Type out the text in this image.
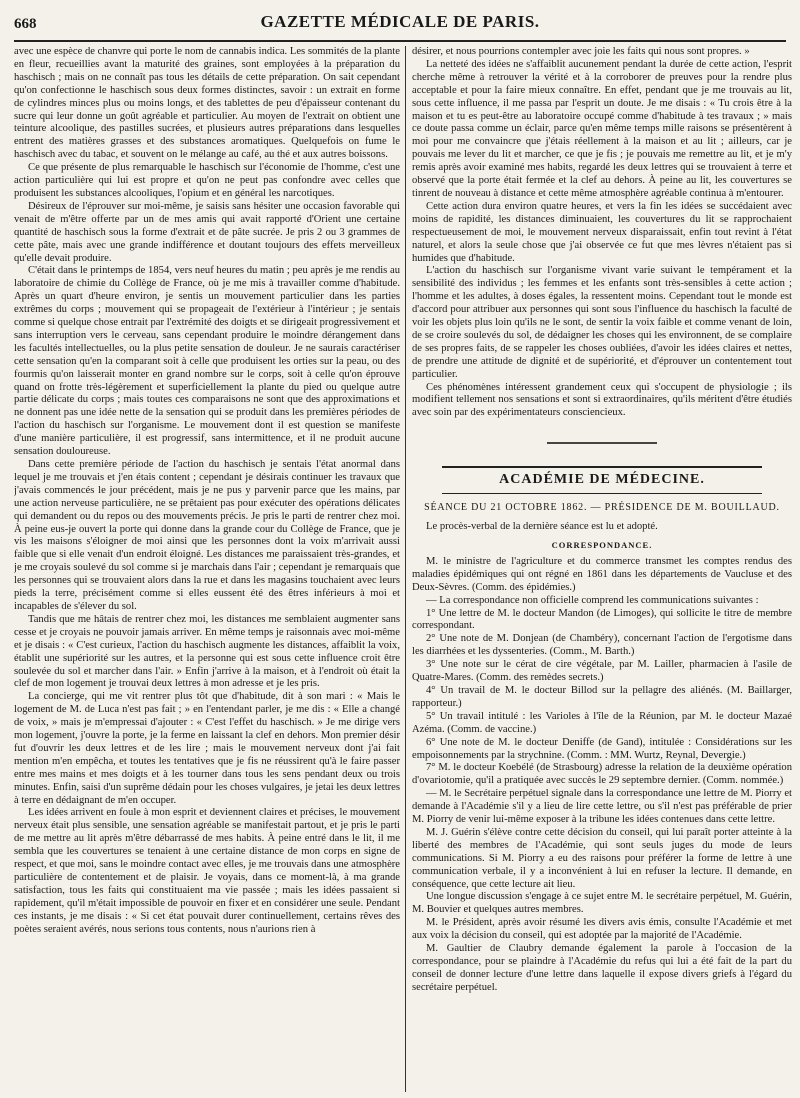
668	GAZETTE MÉDICALE DE PARIS.

avec une espèce de chanvre qui porte le nom de cannabis indica. Les sommités de la plante en fleur, recueillies avant la maturité des graines, sont employées à la préparation du haschisch ; mais on ne connaît pas tous les détails de cette préparation. On sait cependant qu'on confectionne le haschisch sous deux formes distinctes, savoir : un extrait en forme de cylindres minces plus ou moins longs, et des tablettes de peu d'épaisseur contenant du sucre qui leur donne un goût agréable et particulier. Au moyen de l'extrait on obtient une teinture alcoolique, des pastilles sucrées, et plusieurs autres préparations dans lesquelles entrent des matières grasses et des substances aromatiques. Quelquefois on fume le haschisch avec du tabac, et souvent on le mélange au café, au thé et aux autres boissons.

Ce que présente de plus remarquable le haschisch sur l'économie de l'homme, c'est une action particulière qui lui est propre et qu'on ne peut pas confondre avec celles que produisent les substances alcooliques, l'opium et en général les narcotiques.

Désireux de l'éprouver sur moi-même, je saisis sans hésiter une occasion favorable qui venait de m'être offerte par un de mes amis qui avait rapporté d'Orient une certaine quantité de haschisch sous la forme d'extrait et de pâte sucrée. Je pris 2 ou 3 grammes de cette pâte, mais avec une grande indifférence et doutant toujours des effets merveilleux qu'elle devait produire.

C'était dans le printemps de 1854, vers neuf heures du matin ; peu après je me rendis au laboratoire de chimie du Collège de France, où je me mis à travailler comme d'habitude. Après un quart d'heure environ, je sentis un mouvement particulier dans les parties extrêmes du corps ; mouvement qui se propageait de l'extérieur à l'intérieur ; je sentais comme si quelque chose entrait par l'extrémité des doigts et se dirigeait progressivement et sans interruption vers le cerveau, sans cependant produire le moindre dérangement dans les facultés intellectuelles, ou la plus petite sensation de douleur. Je ne saurais caractériser cette sensation qu'en la comparant soit à celle que produisent les orties sur la peau, ou des fourmis qu'on laisserait monter en grand nombre sur le corps, soit à celle qu'on éprouve quand on frotte très-légèrement et superficiellement la plante du pied ou quelque autre partie délicate du corps ; mais toutes ces comparaisons ne sont que des approximations et ne donnent pas une idée nette de la sensation qui se produit dans les premières périodes de l'action du haschisch sur l'organisme. Le mouvement dont il est question se manifeste d'une manière particulière, il est progressif, sans intermittence, et il ne produit aucune sensation douloureuse.

Dans cette première période de l'action du haschisch je sentais l'état anormal dans lequel je me trouvais et j'en étais content ; cependant je désirais continuer les travaux que j'avais commencés le jour précédent, mais je ne pus y parvenir parce que les mains, par une action nerveuse particulière, ne se prêtaient pas pour exécuter des opérations délicates qui demandent ou du repos ou des mouvements précis. Je pris le parti de rentrer chez moi. À peine eus-je ouvert la porte qui donne dans la grande cour du Collège de France, que je vis les maisons s'éloigner de moi ainsi que les personnes dont la voix m'arrivait aussi faible que si elle venait d'un endroit éloigné. Les distances me paraissaient très-grandes, et je me croyais soulevé du sol comme si je marchais dans l'air ; cependant je remarquais que les personnes qui se trouvaient alors dans la rue et dans les magasins touchaient avec leurs pieds la terre, précisément comme si elles eussent été des êtres inférieurs à moi et incapables de s'élever du sol.

Tandis que me hâtais de rentrer chez moi, les distances me semblaient augmenter sans cesse et je croyais ne pouvoir jamais arriver. En même temps je raisonnais avec moi-même et je disais : « C'est curieux, l'action du haschisch augmente les distances, affaiblit la voix, établit une supériorité sur les autres, et la personne qui est sous cette influence croit être soulevée du sol et marcher dans l'air. » Enfin j'arrive à la maison, et à l'endroit où était la clef de mon logement je trouvai deux lettres à mon adresse et je les pris.

La concierge, qui me vit rentrer plus tôt que d'habitude, dit à son mari : « Mais le logement de M. de Luca n'est pas fait ; » en l'entendant parler, je me dis : « Elle a changé de voix, » mais je m'empressai d'ajouter : « C'est l'effet du haschisch. » Je me dirige vers mon logement, j'ouvre la porte, je la ferme en laissant la clef en dehors. Mon premier désir fut d'ouvrir les deux lettres et de les lire ; mais le mouvement nerveux dont j'ai fait mention m'en empêcha, et toutes les tentatives que je fis ne réussirent qu'à le faire passer entre mes mains et mes doigts et à les tourner dans tous les sens pendant deux ou trois minutes. Enfin, saisi d'un suprême dédain pour les choses vulgaires, je jetai les deux lettres à terre en dédaignant de m'en occuper.

Les idées arrivent en foule à mon esprit et deviennent claires et précises, le mouvement nerveux était plus sensible, une sensation agréable se manifestait partout, et je pris le parti de me mettre au lit après m'être débarrassé de mes habits. À peine entré dans le lit, il me sembla que les couvertures se tenaient à une certaine distance de mon corps en signe de respect, et que moi, sans le moindre contact avec elles, je me trouvais dans une atmosphère particulière de contentement et de plaisir. Je voyais, dans ce moment-là, à ma grande satisfaction, tous les faits qui constituaient ma vie passée ; mais les idées passaient si rapidement, qu'il m'était impossible de pouvoir en fixer et en considérer une seule. Pendant ces instants, je me disais : « Si cet état pouvait durer continuellement, certains rêves des poètes seraient avérés, nous serions tous contents, nous n'aurions rien à

désirer, et nous pourrions contempler avec joie les faits qui nous sont propres. »

La netteté des idées ne s'affaiblit aucunement pendant la durée de cette action, l'esprit cherche même à retrouver la vérité et à la corroborer de preuves pour la rendre plus acceptable et pour la faire mieux connaître. En effet, pendant que je me trouvais au lit, sous cette influence, il me passa par l'esprit un doute. Je me disais : « Tu crois être à la maison et tu es peut-être au laboratoire occupé comme d'habitude à tes travaux ; » mais ce doute passa comme un éclair, parce qu'en même temps mille raisons se présentèrent à moi pour me convaincre que j'étais réellement à la maison et au lit ; ailleurs, car je pouvais me lever du lit et marcher, ce que je fis ; je pouvais me remettre au lit, et je m'y remis après avoir examiné mes habits, regardé les deux lettres qui se trouvaient à terre et observé que la porte était fermée et la clef au dehors. À peine au lit, les couvertures se tinrent de nouveau à distance et cette même atmosphère agréable continua à m'entourer.

Cette action dura environ quatre heures, et vers la fin les idées se succédaient avec moins de rapidité, les distances diminuaient, les couvertures du lit se rapprochaient respectueusement de moi, le mouvement nerveux disparaissait, enfin tout revint à l'état naturel, et alors la seule chose que j'ai observée ce fut que mes lèvres n'étaient pas si humides que d'habitude.

L'action du haschisch sur l'organisme vivant varie suivant le tempérament et la sensibilité des individus ; les femmes et les enfants sont très-sensibles à cette action ; l'homme et les adultes, à doses égales, la ressentent moins. Cependant tout le monde est d'accord pour attribuer aux personnes qui sont sous l'influence du haschisch la faculté de voir les objets plus loin qu'ils ne le sont, de sentir la voix faible et comme venant de loin, de se croire soulevés du sol, de dédaigner les choses qui les environnent, de se complaire de ses propres faits, de se rappeler les choses oubliées, d'avoir les idées claires et nettes, de prendre une attitude de dignité et de supériorité, et d'éprouver un contentement tout particulier.

Ces phénomènes intéressent grandement ceux qui s'occupent de physiologie ; ils modifient tellement nos sensations et sont si extraordinaires, qu'ils méritent d'être étudiés avec soin par des expérimentateurs consciencieux.

ACADÉMIE DE MÉDECINE.
SÉANCE DU 21 OCTOBRE 1862. — PRÉSIDENCE DE M. BOUILLAUD.

Le procès-verbal de la dernière séance est lu et adopté.

CORRESPONDANCE.

M. le ministre de l'agriculture et du commerce transmet les comptes rendus des maladies épidémiques qui ont régné en 1861 dans les départements de Vaucluse et des Deux-Sèvres. (Comm. des épidémies.)

— La correspondance non officielle comprend les communications suivantes :

1° Une lettre de M. le docteur Mandon (de Limoges), qui sollicite le titre de membre correspondant.

2° Une note de M. Donjean (de Chambéry), concernant l'action de l'ergotisme dans les diarrhées et les dyssenteries. (Comm., M. Barth.)

3° Une note sur le cérat de cire végétale, par M. Lailler, pharmacien à l'asile de Quatre-Mares. (Comm. des remèdes secrets.)

4° Un travail de M. le docteur Billod sur la pellagre des aliénés. (M. Baillarger, rapporteur.)

5° Un travail intitulé : les Varioles à l'île de la Réunion, par M. le docteur Mazaé Azéma. (Comm. de vaccine.)

6° Une note de M. le docteur Deniffe (de Gand), intitulée : Considérations sur les empoisonnements par la strychnine. (Comm. : MM. Wurtz, Reynal, Devergie.)

7° M. le docteur Koebélé (de Strasbourg) adresse la relation de la deuxième opération d'ovariotomie, qu'il a pratiquée avec succès le 29 septembre dernier. (Comm. nommée.)

— M. le Secrétaire perpétuel signale dans la correspondance une lettre de M. Piorry et demande à l'Académie s'il y a lieu de lire cette lettre, ou s'il n'est pas préférable de prier M. Piorry de venir lui-même exposer à la tribune les idées contenues dans cette lettre.

M. J. Guérin s'élève contre cette décision du conseil, qui lui paraît porter atteinte à la liberté des membres de l'Académie, qui sont seuls juges du mode de leurs communications. Si M. Piorry a eu des raisons pour préférer la forme de lettre à une communication verbale, il y a inconvénient à lui en refuser la lecture. Il demande, en conséquence, que cette lecture ait lieu.

Une longue discussion s'engage à ce sujet entre M. le secrétaire perpétuel, M. Guérin, M. Bouvier et quelques autres membres.

M. le Président, après avoir résumé les divers avis émis, consulte l'Académie et met aux voix la décision du conseil, qui est adoptée par la majorité de l'Académie.

M. Gaultier de Claubry demande également la parole à l'occasion de la correspondance, pour se plaindre à l'Académie du refus qui lui a été fait de la part du conseil de donner lecture d'une lettre dans laquelle il expose divers griefs à l'égard du secrétaire perpétuel.
